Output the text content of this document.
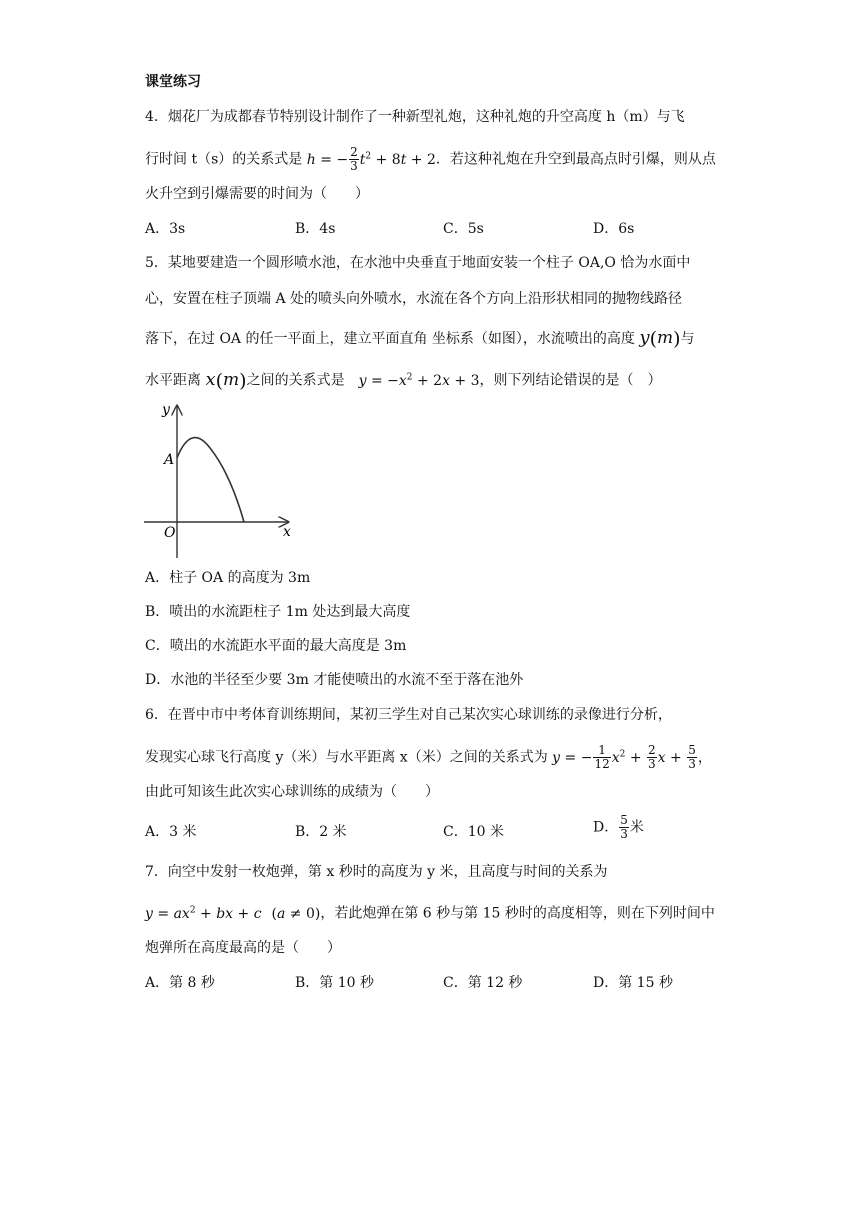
课堂练习
4．烟花厂为成都春节特别设计制作了一种新型礼炮，这种礼炮的升空高度 h（m）与飞
行时间 t（s）的关系式是 h = − $\frac{2}{3} t^2 + 8t + 2$．若这种礼炮在升空到最高点时引爆，则从点
火升空到引爆需要的时间为（　　）
A．3s	B．4s	C．5s	D．6s
5．某地要建造一个圆形喷水池，在水池中央垂直于地面安装一个柱子 OA,O 恰为水面中
心，安置在柱子顶端 A 处的喷头向外喷水，水流在各个方向上沿形状相同的抛物线路径
落下，在过 OA 的任一平面上，建立平面直角 坐标系（如图），水流喷出的高度 y(m)与
水平距离 x(m)之间的关系式是　$y = -x^2 + 2x + 3$，则下列结论错误的是（　）
y
x
A
O
A．柱子 OA 的高度为 3m
B．喷出的水流距柱子 1m 处达到最大高度
C．喷出的水流距水平面的最大高度是 3m
D．水池的半径至少要 3m 才能使喷出的水流不至于落在池外
6．在晋中市中考体育训练期间，某初三学生对自己某次实心球训练的录像进行分析，
发现实心球飞行高度 y（米）与水平距离 x（米）之间的关系式为 y = − $\frac{1}{12} x^2 + \frac{2}{3}$ $x + \frac{5}{3}$ ，
由此可知该生此次实心球训练的成绩为（　　）
A．3 米	B．2 米	C．10 米	D． $\frac{5}{3}$ 米
7．向空中发射一枚炮弹，第 x 秒时的高度为 y 米，且高度与时间的关系为
$y = ax^2$ + bx + c (a ≠ 0)，若此炮弹在第 6 秒与第 15 秒时的高度相等，则在下列时间中
炮弹所在高度最高的是（　　）
A．第 8 秒	B．第 10 秒	C．第 12 秒	D．第 15 秒
